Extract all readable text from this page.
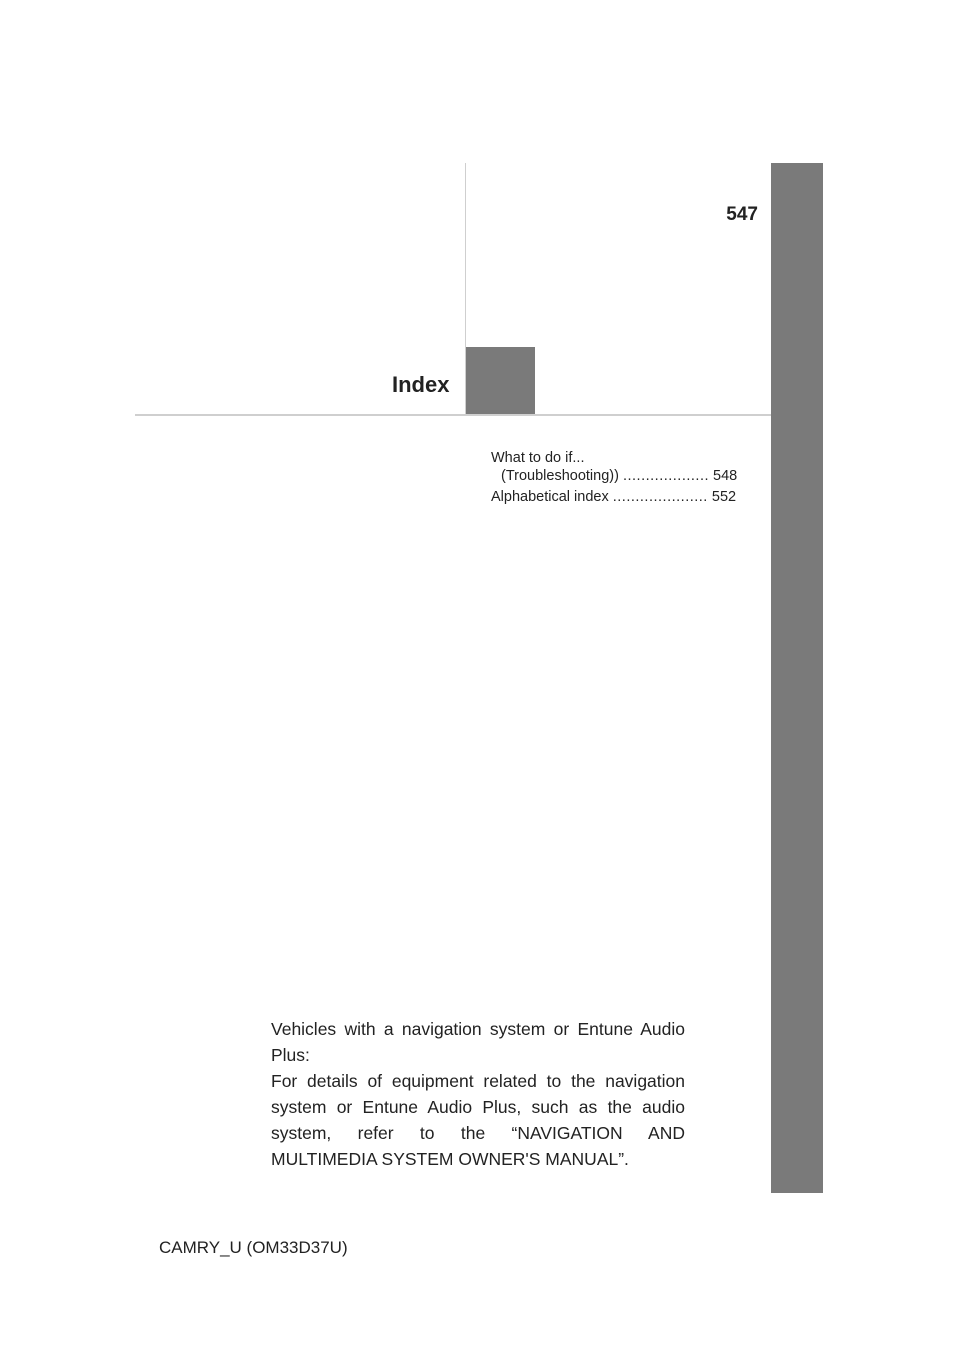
547
Index
What to do if...
(Troubleshooting)) ................... 548
Alphabetical index ..................... 552

Vehicles with a navigation system or Entune Audio Plus:

For details of equipment related to the navigation system or Entune Audio Plus, such as the audio system, refer to the “NAVIGATION AND MULTIMEDIA SYSTEM OWNER'S MANUAL”.

CAMRY_U (OM33D37U)
